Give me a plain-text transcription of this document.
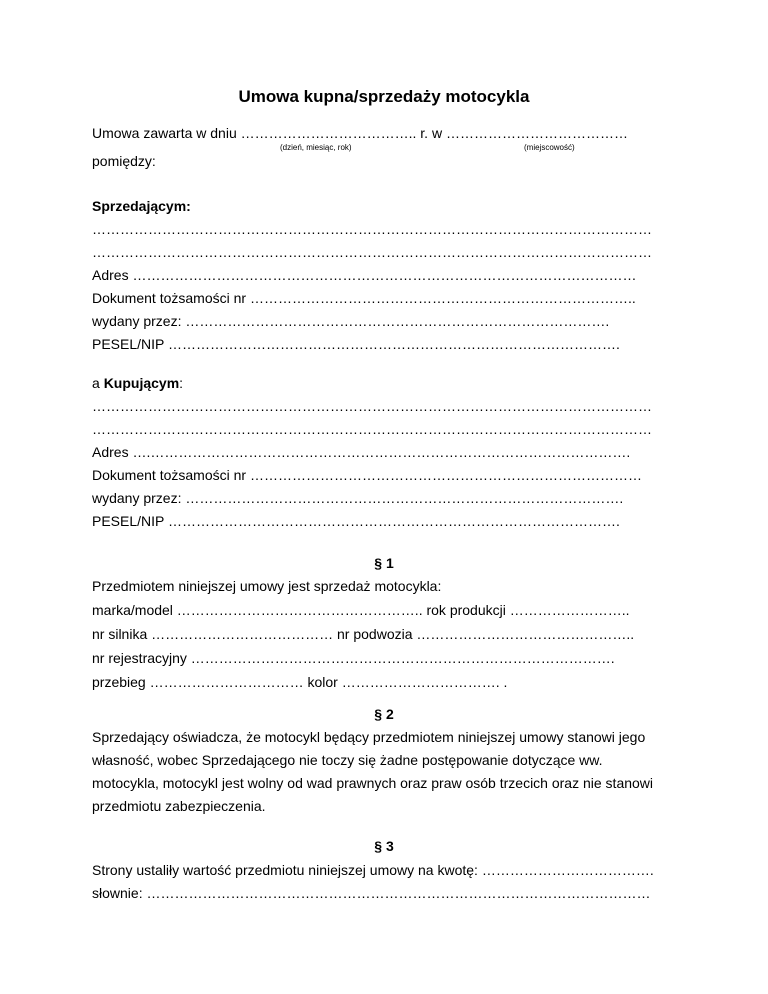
Umowa kupna/sprzedaży motocykla
Umowa zawarta w dniu ……………………………….. r. w …………………………………
(dzień, miesiąc, rok)	(miejscowość)
pomiędzy:
Sprzedającym:
…………………………………………………………………………………………………………
…………………………………………………………………………………………………………
Adres ………………………………………………………………………………………………
Dokument tożsamości nr ………………………………………………………………………..
wydany przez: ……………………………………………………………………………….
PESEL/NIP …………………………………………………………………………………….
a Kupującym:
…………………………………………………………………………………………………………
…………………………………………………………………………………………………………
Adres ….………………………………………………………………………………………….
Dokument tożsamości nr …………………………………………………………………………
wydany przez: ………………………………………………………………………………….
PESEL/NIP …………………………………………………………………………………….
§ 1
Przedmiotem niniejszej umowy jest sprzedaż motocykla:
marka/model …………………………………………….. rok produkcji ……………………..
nr silnika ………………………………… nr podwozia ………………………………………..
nr rejestracyjny ……………………………………………………………………………….
przebieg …………………………… kolor ……………………………. .
§ 2
Sprzedający oświadcza, że motocykl będący przedmiotem niniejszej umowy stanowi jego
własność, wobec Sprzedającego nie toczy się żadne postępowanie dotyczące ww.
motocykla, motocykl jest wolny od wad prawnych oraz praw osób trzecich oraz nie stanowi
przedmiotu zabezpieczenia.
§ 3
Strony ustaliły wartość przedmiotu niniejszej umowy na kwotę: ……………………………….
słownie: ………………………………………………………………………………………………
